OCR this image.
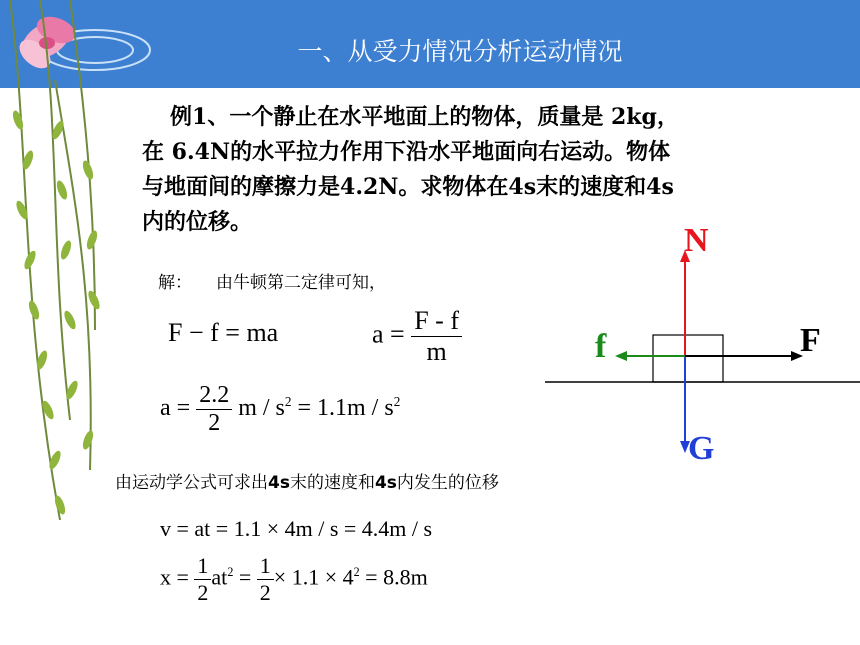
一、从受力情况分析运动情况
例1、一个静止在水平地面上的物体，质量是 2kg，
在 6.4N的水平拉力作用下沿水平地面向右运动。物体
与地面间的摩擦力是4.2N。求物体在4s末的速度和4s
内的位移。
解： 由牛顿第二定律可知，
F − f = ma	$a = \frac{F - f}{m}$
$a = \frac{2.2}{2}$ $m / s^2 = 1.1m / s^2$
由运动学公式可求出4s末的速度和4s内发生的位移
v = at = 1.1 × 4m / s = 4.4m / s
$x = \frac{1}{2} at^2 = \frac{1}{2} \times 1.1 \times 4^2 = 8.8m$
N
F
f
G
